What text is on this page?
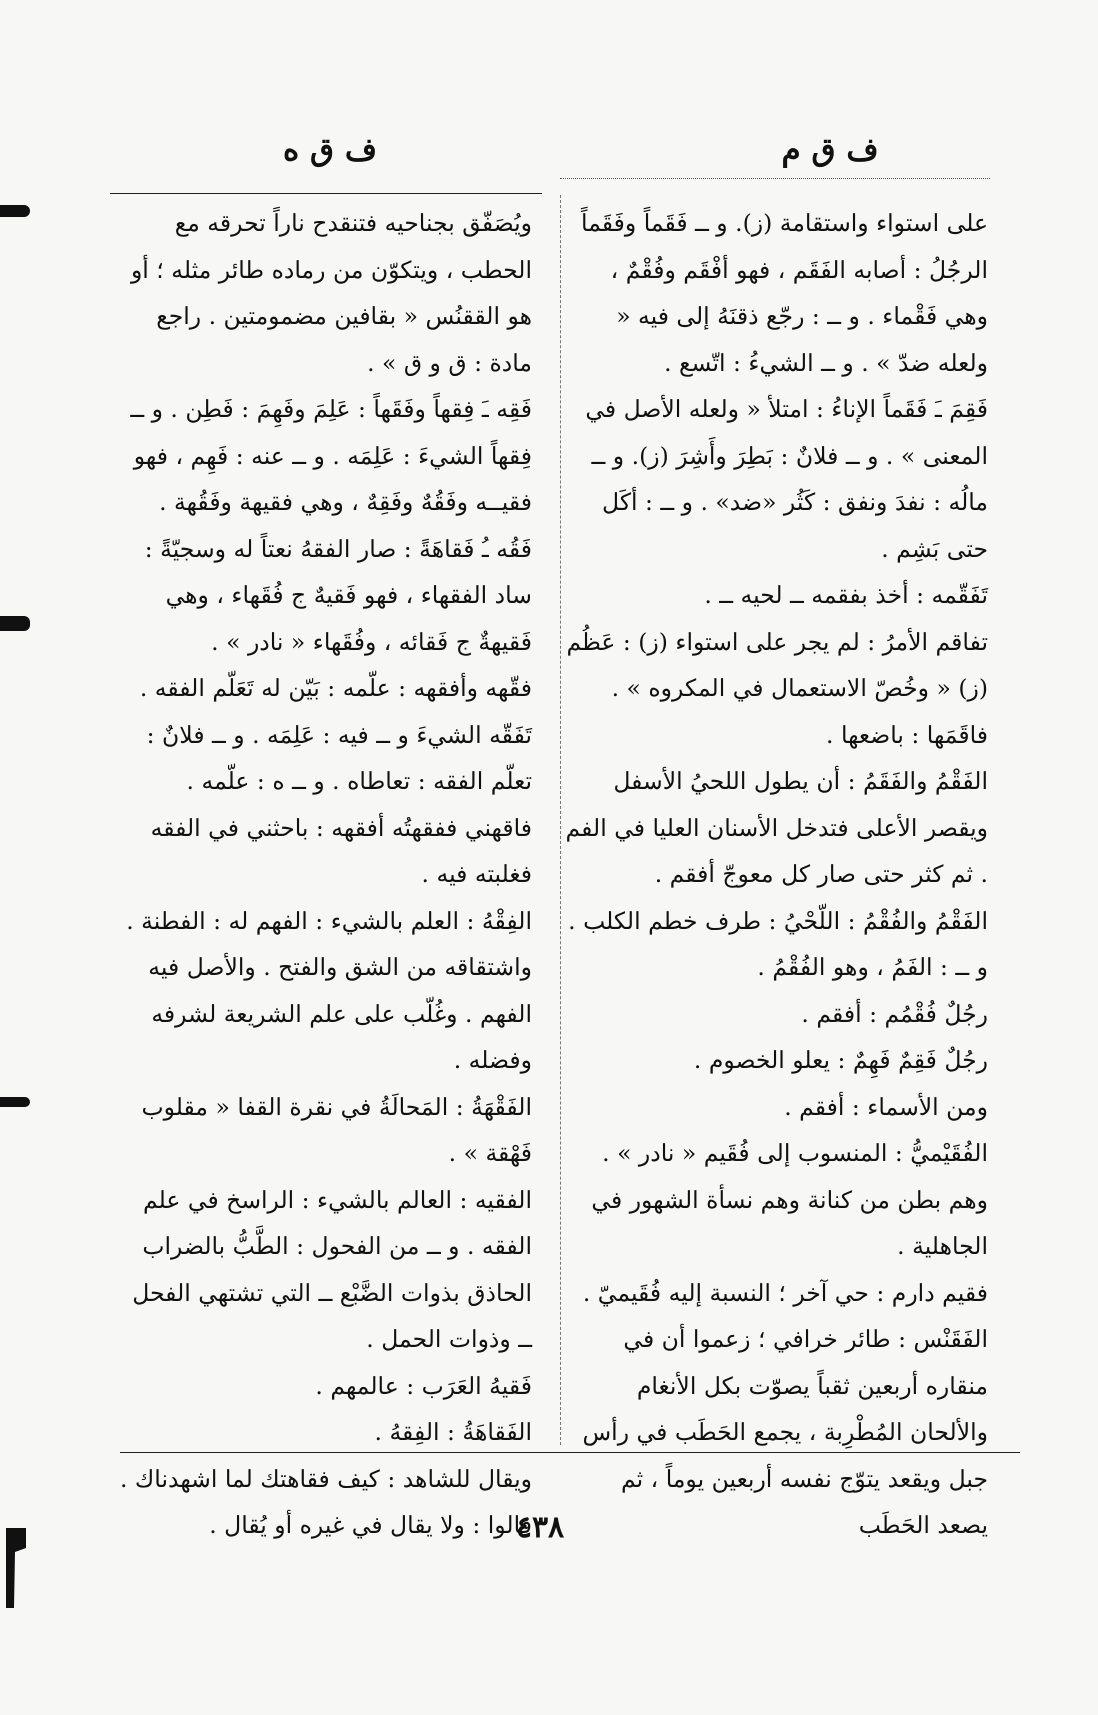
ف ق م
ف ق ه

على استواء واستقامة (ز). و ــ فَقَماً وفَقَماً الرجُلُ : أصابه الفَقَم ، فهو أفْقَم وفُقْمٌ ، وهي فَقْماء . و ــ : رجّع ذقنَهُ إلى فيه « ولعله ضدّ » . و ــ الشيءُ : اتّسع .

فَقِمَ ـَ فَقَماً الإناءُ : امتلأ « ولعله الأصل في المعنى » . و ــ فلانٌ : بَطِرَ وأَشِرَ (ز). و ــ مالُه : نفدَ ونفق : كَثُر «ضد» . و ــ : أكَل حتى بَشِم .

تَفَقّمه : أخذ بفقمه ــ لحيه ــ .

تفاقم الأمرُ : لم يجر على استواء (ز) : عَظُم (ز) « وخُصّ الاستعمال في المكروه » .

فاقَمَها : باضعها .

الفَقْمُ والفَقَمُ : أن يطول اللحيُ الأسفل ويقصر الأعلى فتدخل الأسنان العليا في الفم . ثم كثر حتى صار كل معوجّ أفقم .

الفَقْمُ والفُقْمُ : اللّحْيُ : طرف خطم الكلب . و ــ : الفَمُ ، وهو الفُقْمُ .

رجُلٌ فُقْمُم : أفقم .

رجُلٌ فَقِمٌ فَهِمٌ : يعلو الخصوم .

ومن الأسماء : أفقم .

الفُقَيْميُّ : المنسوب إلى فُقَيم « نادر » . وهم بطن من كنانة وهم نسأة الشهور في الجاهلية .

فقيم دارم : حي آخر ؛ النسبة إليه فُقَيميّ .

الفَقَنْس : طائر خرافي ؛ زعموا أن في منقاره أربعين ثقباً يصوّت بكل الأنغام والألحان المُطْرِبة ، يجمع الحَطَب في رأس جبل ويقعد يتوّج نفسه أربعين يوماً ، ثم يصعد الحَطَب

ويُصَفّق بجناحيه فتنقدح ناراً تحرقه مع الحطب ، ويتكوّن من رماده طائر مثله ؛ أو هو الققنُس « بقافين مضمومتين . راجع مادة : ق و ق » .

فَقِه ـَ فِقهاً وفَقَهاً : عَلِمَ وفَهِمَ : فَطِن . و ــ فِقهاً الشيءَ : عَلِمَه . و ــ عنه : فَهِم ، فهو فقيــه وفَقُهٌ وفَقِهٌ ، وهي فقيهة وفَقُهة .

فَقُه ـُ فَقاهَةً : صار الفقهُ نعتاً له وسجيّةً : ساد الفقهاء ، فهو فَقيهٌ ج فُقَهاء ، وهي فَقيهةٌ ج فَقائه ، وفُقَهاء « نادر » .

فقّهه وأفقهه : علّمه : بَيّن له تَعَلّم الفقه .

تَفَقّه الشيءَ و ــ فيه : عَلِمَه . و ــ فلانٌ : تعلّم الفقه : تعاطاه . و ــ ه : علّمه .

فاقهني ففقهتُه أفقهه : باحثني في الفقه فغلبته فيه .

الفِقْهُ : العلم بالشيء : الفهم له : الفطنة . واشتقاقه من الشق والفتح . والأصل فيه الفهم . وغُلّب على علم الشريعة لشرفه وفضله .

الفَقْهَةُ : المَحالَةُ في نقرة القفا « مقلوب فَهْقة » .

الفقيه : العالم بالشيء : الراسخ في علم الفقه . و ــ من الفحول : الطَّبُّ بالضراب الحاذق بذوات الضَّبْع ــ التي تشتهي الفحل ــ وذوات الحمل .

فَقيهُ العَرَب : عالمهم .

الفَقاهَةُ : الفِقهُ .

ويقال للشاهد : كيف فقاهتك لما اشهدناك . قالوا : ولا يقال في غيره أو يُقال .

٤٣٨
